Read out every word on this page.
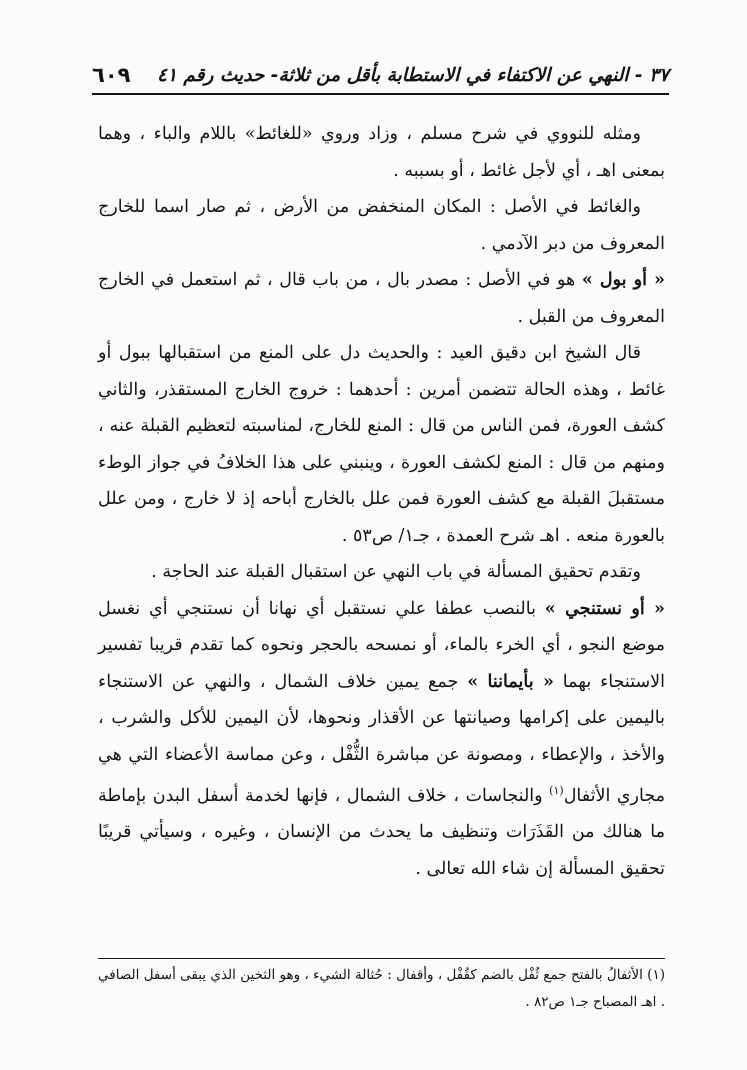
٣٧ - النهي عن الاكتفاء في الاستطابة بأقل من ثلاثة- حديث رقم ٤١
٦٠٩

ومثله للنووي في شرح مسلم ، وزاد وروي «للغائط» باللام والباء ، وهما بمعنى اهـ ، أي لأجل غائط ، أو بسببه .

والغائط في الأصل : المكان المنخفض من الأرض ، ثم صار اسما للخارج المعروف من دبر الآدمي .

« أو بول » هو في الأصل : مصدر بال ، من باب قال ، ثم استعمل في الخارج المعروف من القبل .

قال الشيخ ابن دقيق العيد : والحديث دل على المنع من استقبالها ببول أو غائط ، وهذه الحالة تتضمن أمرين : أحدهما : خروج الخارج المستقذر، والثاني كشف العورة، فمن الناس من قال : المنع للخارج، لمناسبته لتعظيم القبلة عنه ، ومنهم من قال : المنع لكشف العورة ، وينبني على هذا الخلافُ في جواز الوطء مستقبلَ القبلة مع كشف العورة فمن علل بالخارج أباحه إذ لا خارج ، ومن علل بالعورة منعه . اهـ شرح العمدة ، جـ١/ ص٥٣ .

وتقدم تحقيق المسألة في باب النهي عن استقبال القبلة عند الحاجة .

« أو نستنجي » بالنصب عطفا علي نستقبل أي نهانا أن نستنجي أي نغسل موضع النجو ، أي الخرء بالماء، أو نمسحه بالحجر ونحوه كما تقدم قريبا تفسير الاستنجاء بهما « بأيماننا » جمع يمين خلاف الشمال ، والنهي عن الاستنجاء باليمين على إكرامها وصيانتها عن الأقذار ونحوها، لأن اليمين للأكل والشرب ، والأخذ ، والإعطاء ، ومصونة عن مباشرة الثُّفْل ، وعن مماسة الأعضاء التي هي مجاري الأثفال$^{(١)}$ والنجاسات ، خلاف الشمال ، فإنها لخدمة أسفل البدن بإماطة ما هنالك من القَذَرَات وتنظيف ما يحدث من الإنسان ، وغيره ، وسيأتي قريبًا تحقيق المسألة إن شاء الله تعالى .

(١) الأثفالُ بالفتح جمع ثُفْل بالضم كقُفْل ، وأقفال : حُثالة الشيء ، وهو الثخين الذي يبقى أسفل الصافي . اهـ المصباح جـ١ ص٨٢ .
